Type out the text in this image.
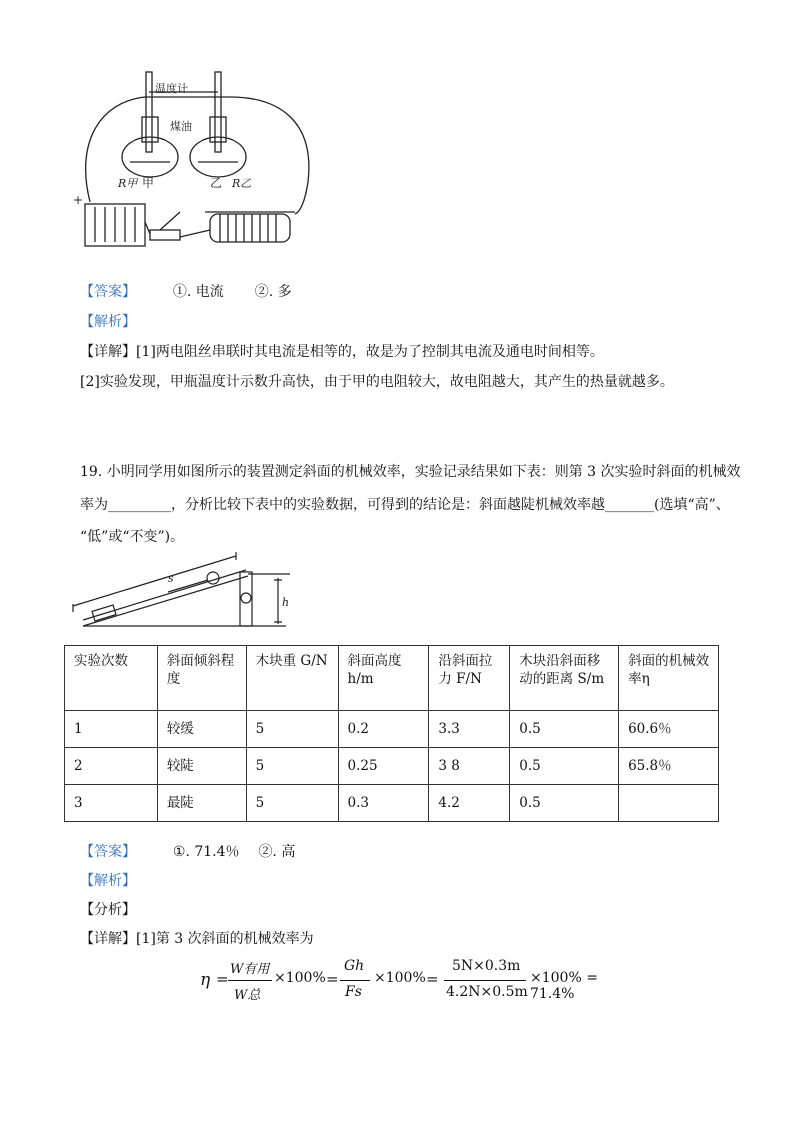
温度计
煤油
R甲 甲	乙 R乙
+
【答案】	①. 电流 ②. 多
【解析】
【详解】[1]两电阻丝串联时其电流是相等的，故是为了控制其电流及通电时间相等。
[2]实验发现，甲瓶温度计示数升高快，由于甲的电阻较大，故电阻越大，其产生的热量就越多。
19. 小明同学用如图所示的装置测定斜面的机械效率，实验记录结果如下表：则第 3 次实验时斜面的机械效
率为_________，分析比较下表中的实验数据，可得到的结论是：斜面越陡机械效率越_______(选填“高”、
“低”或“不变”)。
s
h
实验次数	斜面倾斜程度	木块重 G/N	斜面高度 h/m	沿斜面拉力 F/N	木块沿斜面移动的距离 S/m	斜面的机械效率η
1	较缓	5	0.2	3.3	0.5	60.6％
2	较陡	5	0.25	3 8	0.5	65.8％
3	最陡	5	0.3	4.2	0.5	
【答案】	①. 71.4％ ②. 高
【解析】
【分析】
【详解】[1]第 3 次斜面的机械效率为
η =
W有用
W总
×100% =
Gh
Fs
×100% =
5N×0.3m
4.2N×0.5m
×100% = 71.4%
